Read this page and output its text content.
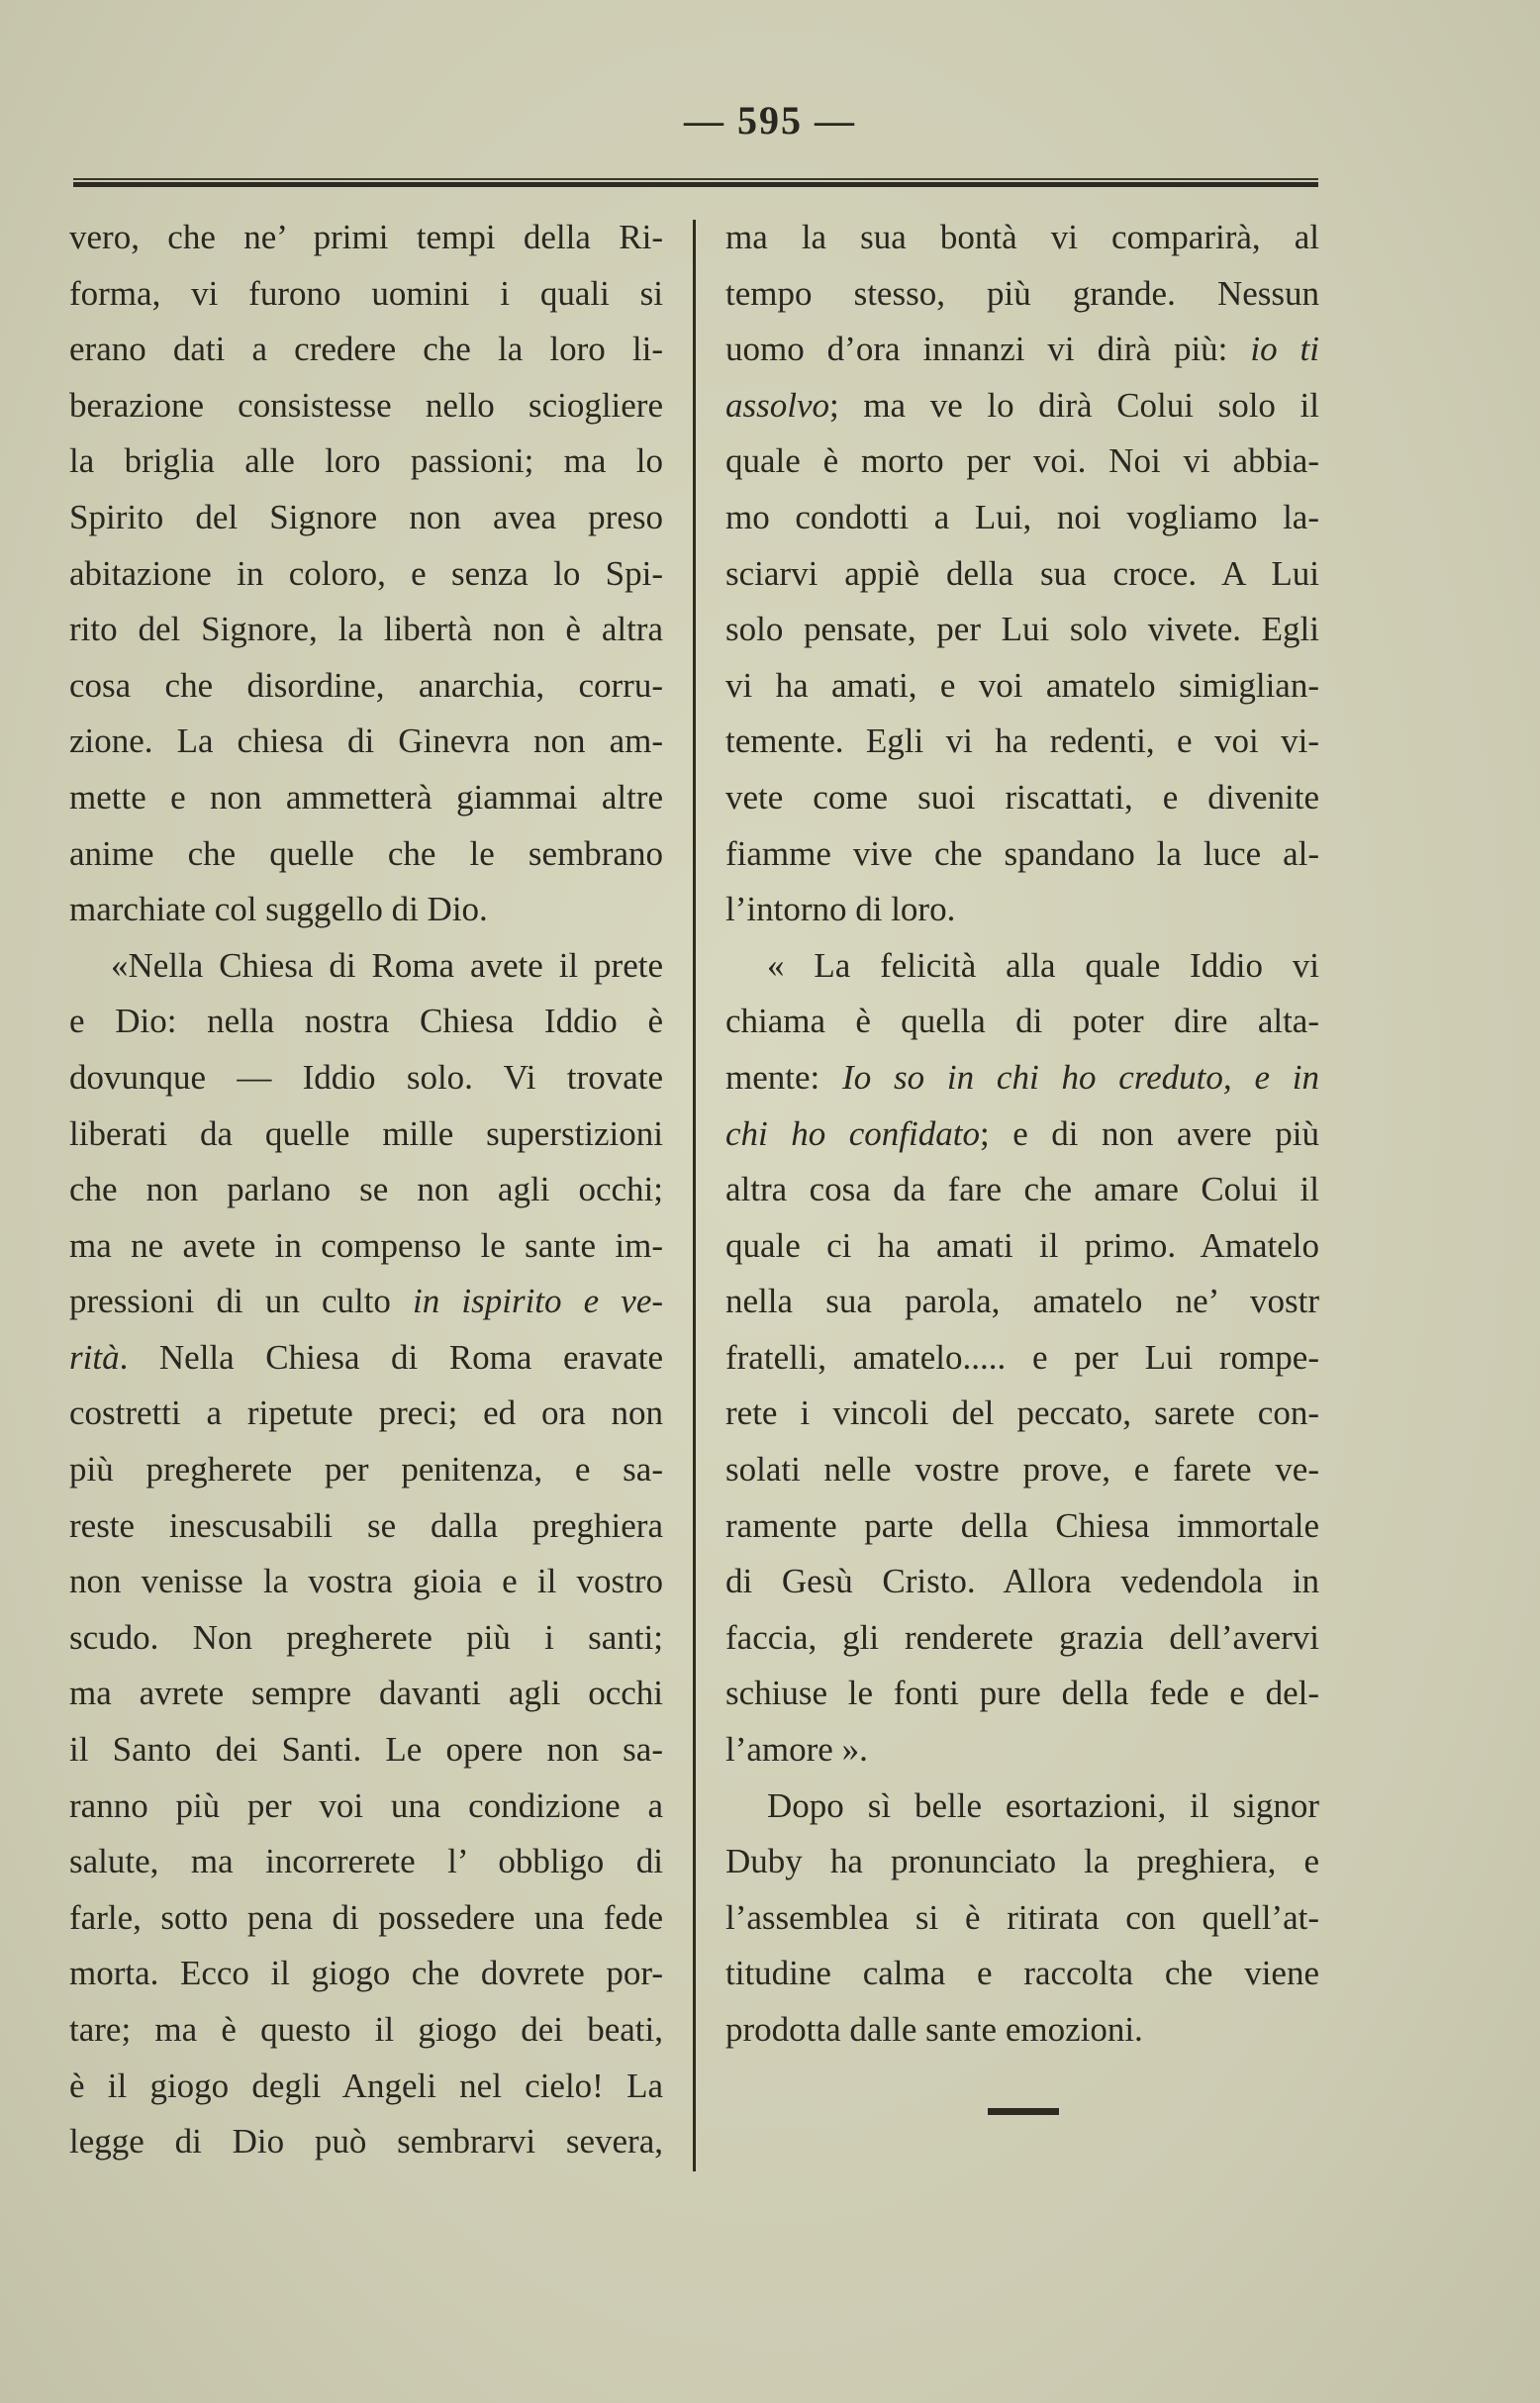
— 595 —
vero, che ne’ primi tempi della Ri-
forma, vi furono uomini i quali si
erano dati a credere che la loro li-
berazione consistesse nello sciogliere
la briglia alle loro passioni; ma lo
Spirito del Signore non avea preso
abitazione in coloro, e senza lo Spi-
rito del Signore, la libertà non è altra
cosa che disordine, anarchia, corru-
zione. La chiesa di Ginevra non am-
mette e non ammetterà giammai altre
anime che quelle che le sembrano
marchiate col suggello di Dio.
«Nella Chiesa di Roma avete il prete
e Dio: nella nostra Chiesa Iddio è
dovunque — Iddio solo. Vi trovate
liberati da quelle mille superstizioni
che non parlano se non agli occhi;
ma ne avete in compenso le sante im-
pressioni di un culto in ispirito e ve-
rità. Nella Chiesa di Roma eravate
costretti a ripetute preci; ed ora non
più pregherete per penitenza, e sa-
reste inescusabili se dalla preghiera
non venisse la vostra gioia e il vostro
scudo. Non pregherete più i santi;
ma avrete sempre davanti agli occhi
il Santo dei Santi. Le opere non sa-
ranno più per voi una condizione a
salute, ma incorrerete l’ obbligo di
farle, sotto pena di possedere una fede
morta. Ecco il giogo che dovrete por-
tare; ma è questo il giogo dei beati,
è il giogo degli Angeli nel cielo! La
legge di Dio può sembrarvi severa,
ma la sua bontà vi comparirà, al
tempo stesso, più grande. Nessun
uomo d’ora innanzi vi dirà più: io ti
assolvo; ma ve lo dirà Colui solo il
quale è morto per voi. Noi vi abbia-
mo condotti a Lui, noi vogliamo la-
sciarvi appiè della sua croce. A Lui
solo pensate, per Lui solo vivete. Egli
vi ha amati, e voi amatelo simiglian-
temente. Egli vi ha redenti, e voi vi-
vete come suoi riscattati, e divenite
fiamme vive che spandano la luce al-
l’intorno di loro.
« La felicità alla quale Iddio vi
chiama è quella di poter dire alta-
mente: Io so in chi ho creduto, e in
chi ho confidato; e di non avere più
altra cosa da fare che amare Colui il
quale ci ha amati il primo. Amatelo
nella sua parola, amatelo ne’ vostr
fratelli, amatelo..... e per Lui rompe-
rete i vincoli del peccato, sarete con-
solati nelle vostre prove, e farete ve-
ramente parte della Chiesa immortale
di Gesù Cristo. Allora vedendola in
faccia, gli renderete grazia dell’avervi
schiuse le fonti pure della fede e del-
l’amore ».
Dopo sì belle esortazioni, il signor
Duby ha pronunciato la preghiera, e
l’assemblea si è ritirata con quell’at-
titudine calma e raccolta che viene
prodotta dalle sante emozioni.
